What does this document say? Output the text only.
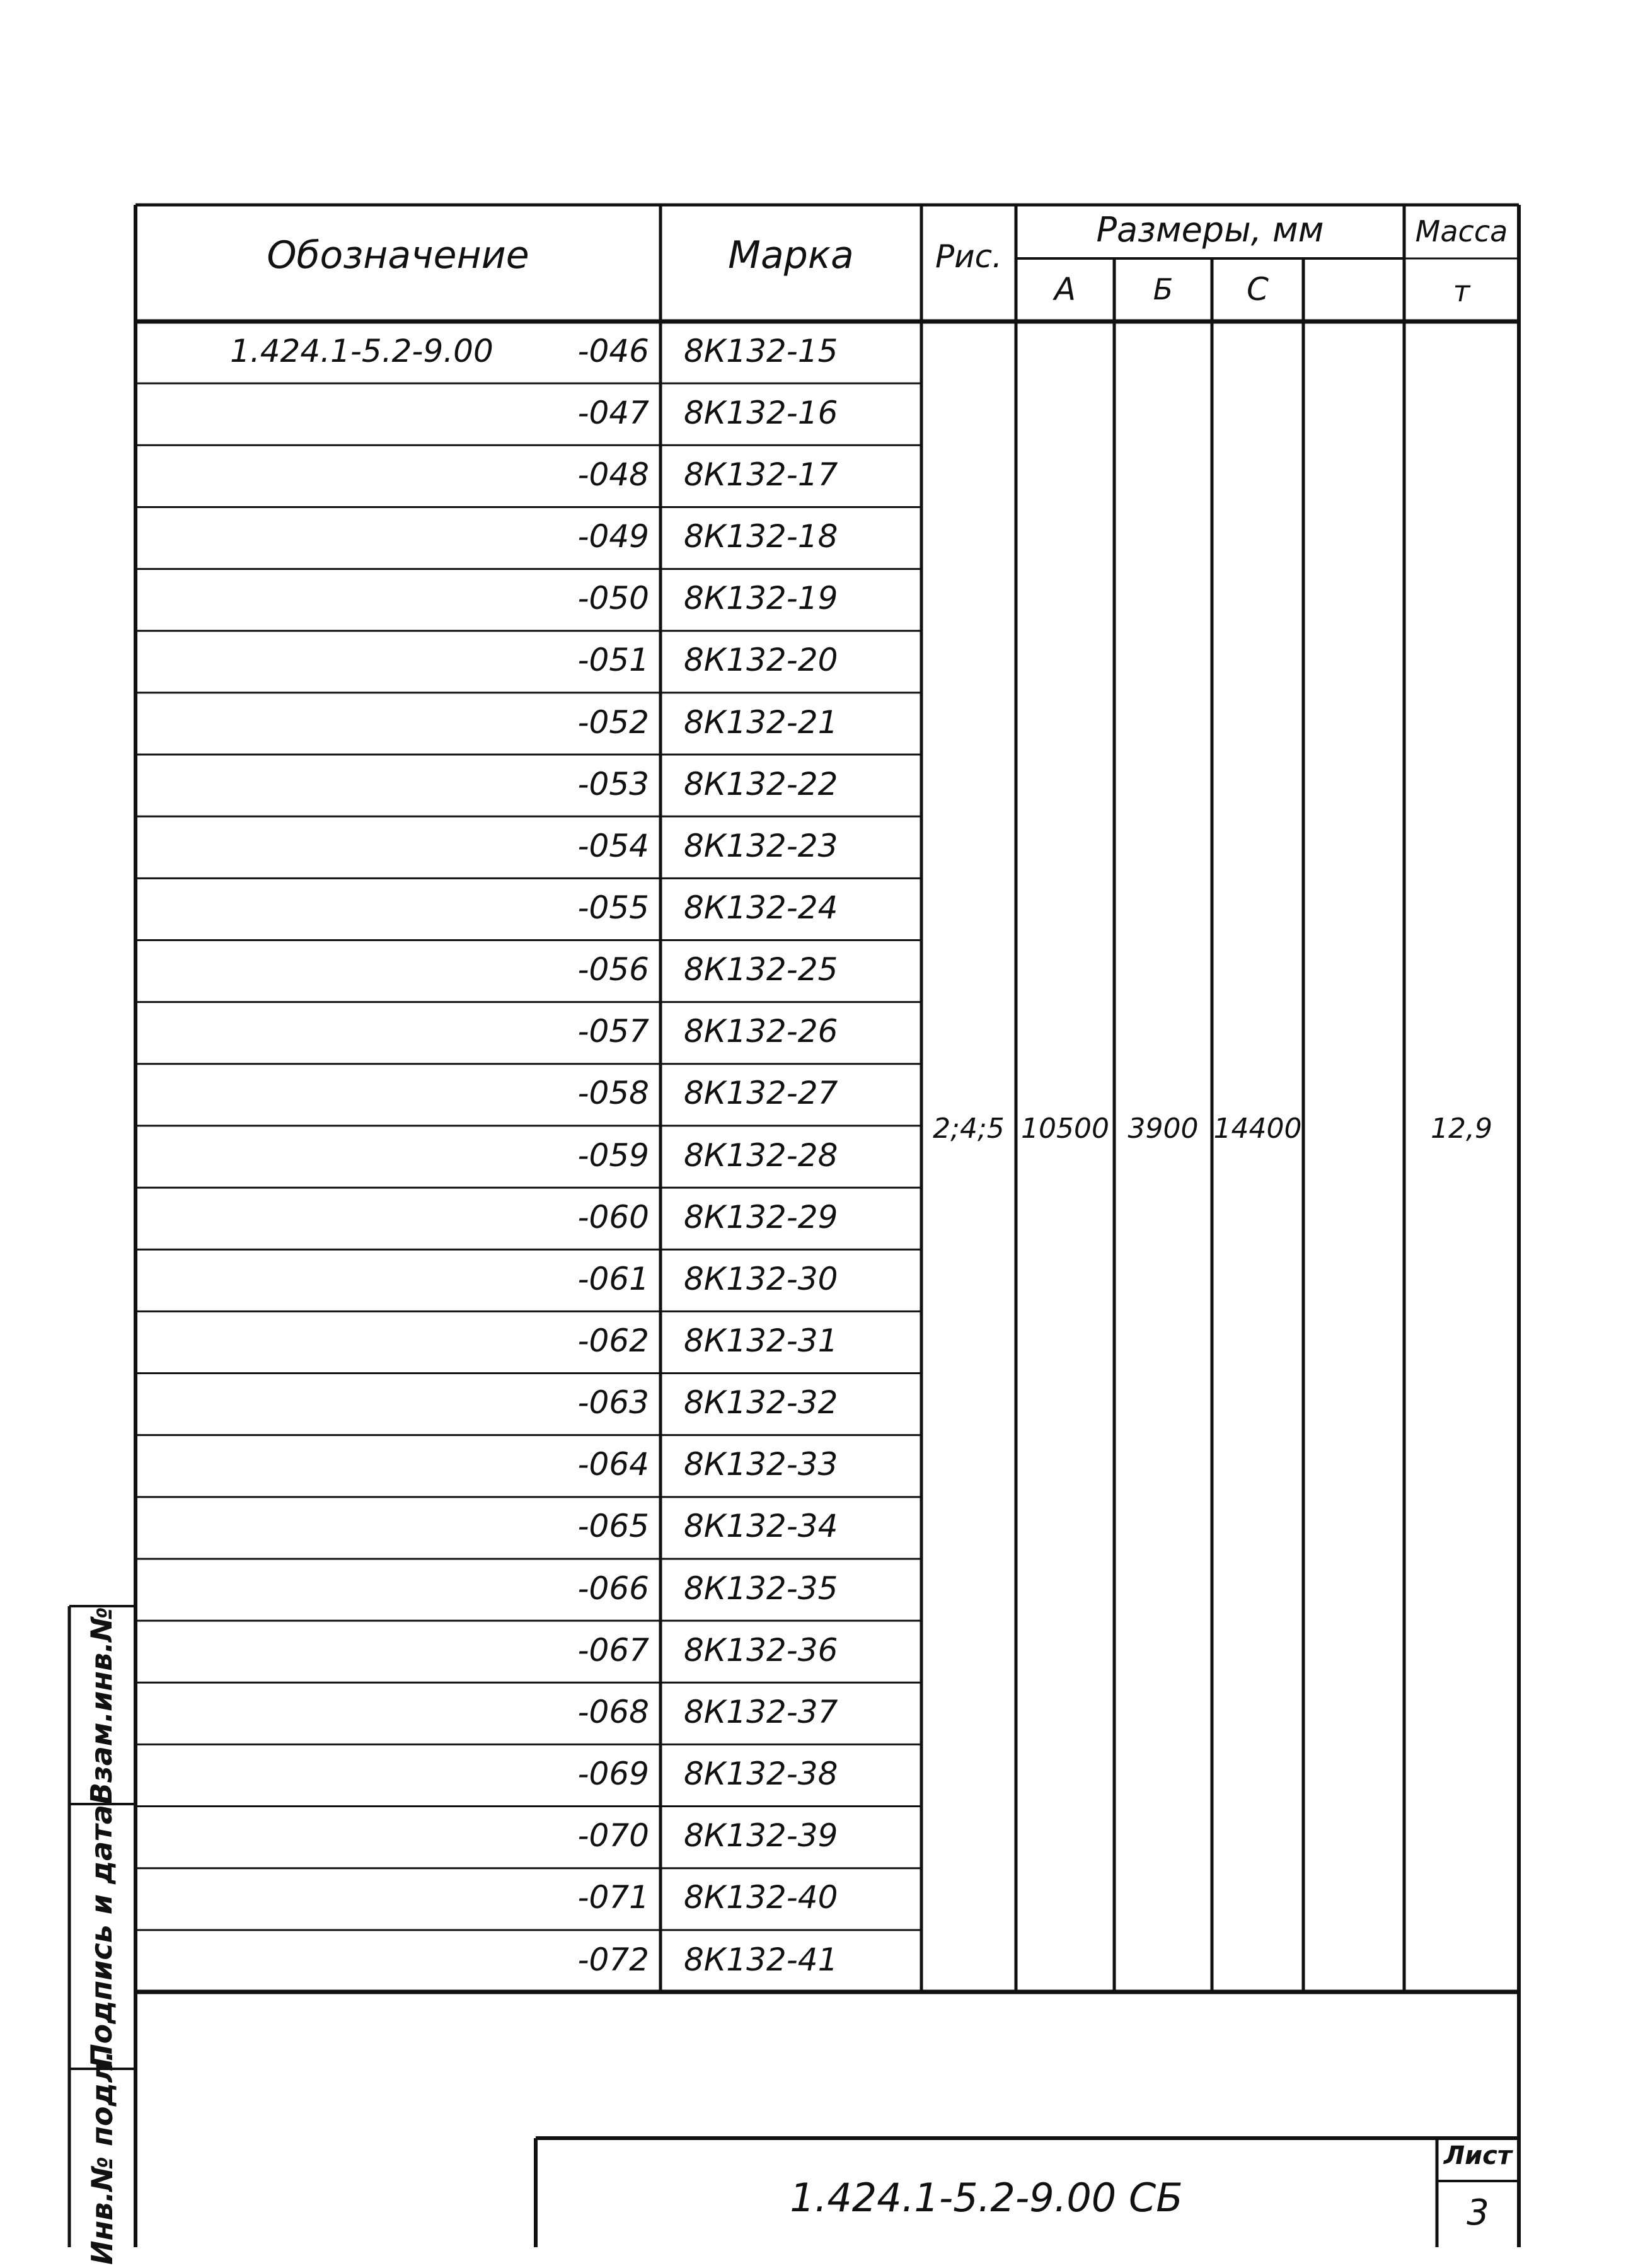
Обозначение	Марка	Рис.
Размеры, мм
А	Б	С
Масса
т
1.424.1-5.2-9.00	-046 8К132-15
-047 8К132-16
-048 8К132-17
-049 8К132-18
-050 8К132-19
-051 8К132-20
-052 8К132-21
-053 8К132-22
-054 8К132-23
-055 8К132-24
-056 8К132-25
-057 8К132-26
-058 8К132-27
-059 8К132-28
-060 8К132-29
-061 8К132-30
-062 8К132-31
-063 8К132-32
-064 8К132-33
-065 8К132-34
-066 8К132-35
-067 8К132-36
-068 8К132-37
-069 8К132-38
-070 8К132-39
-071 8К132-40
-072 8К132-41
2;4;5 10500 3900 14400	12,9
Взам.инв.№
Подпись и дата
Инв.№ подл.	1.424.1-5.2-9.00 СБ
Лист
3
